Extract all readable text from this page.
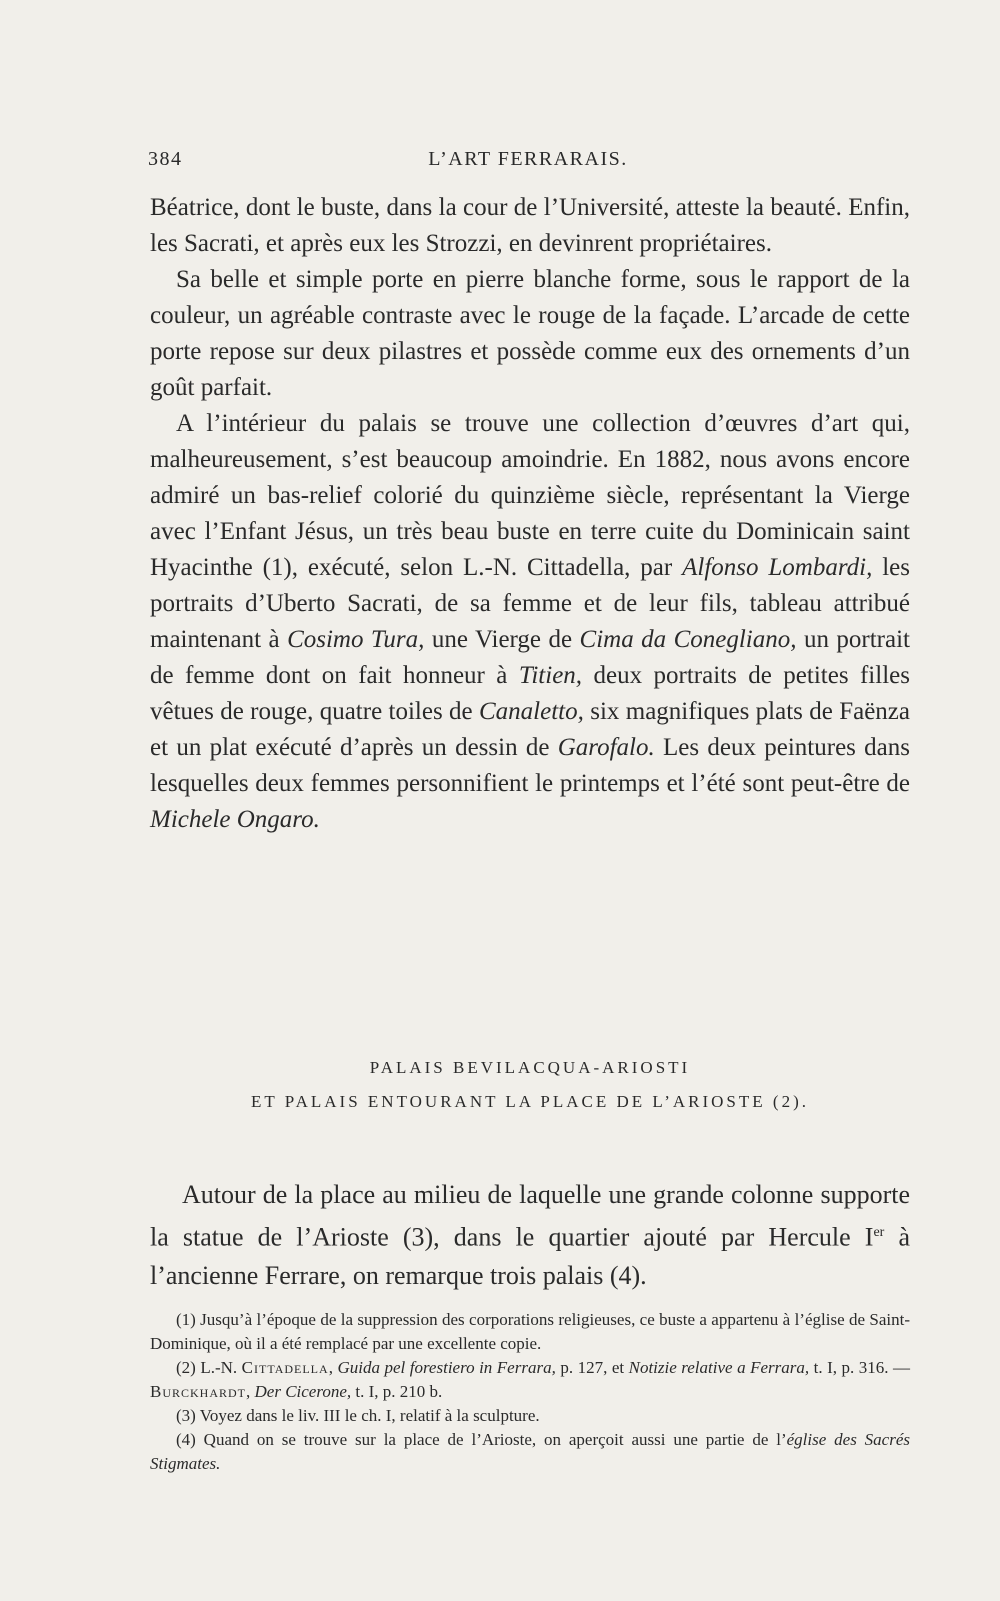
384	L’ART FERRARAIS.

Béatrice, dont le buste, dans la cour de l’Université, atteste la beauté. Enfin, les Sacrati, et après eux les Strozzi, en devinrent propriétaires.

Sa belle et simple porte en pierre blanche forme, sous le rapport de la couleur, un agréable contraste avec le rouge de la façade. L’arcade de cette porte repose sur deux pilastres et possède comme eux des ornements d’un goût parfait.

A l’intérieur du palais se trouve une collection d’œuvres d’art qui, malheureusement, s’est beaucoup amoindrie. En 1882, nous avons encore admiré un bas-relief colorié du quinzième siècle, représentant la Vierge avec l’Enfant Jésus, un très beau buste en terre cuite du Dominicain saint Hyacinthe (1), exécuté, selon L.-N. Cittadella, par Alfonso Lombardi, les portraits d’Uberto Sacrati, de sa femme et de leur fils, tableau attribué maintenant à Cosimo Tura, une Vierge de Cima da Conegliano, un portrait de femme dont on fait honneur à Titien, deux portraits de petites filles vêtues de rouge, quatre toiles de Canaletto, six magnifiques plats de Faënza et un plat exécuté d’après un dessin de Garofalo. Les deux peintures dans lesquelles deux femmes personnifient le printemps et l’été sont peut-être de Michele Ongaro.

PALAIS BEVILACQUA-ARIOSTI
ET PALAIS ENTOURANT LA PLACE DE L’ARIOSTE (2).

Autour de la place au milieu de laquelle une grande colonne supporte la statue de l’Arioste (3), dans le quartier ajouté par Hercule Ier à l’ancienne Ferrare, on remarque trois palais (4).

(1) Jusqu’à l’époque de la suppression des corporations religieuses, ce buste a appartenu à l’église de Saint-Dominique, où il a été remplacé par une excellente copie.

(2) L.-N. Cittadella, Guida pel forestiero in Ferrara, p. 127, et Notizie relative a Ferrara, t. I, p. 316. — Burckhardt, Der Cicerone, t. I, p. 210 b.

(3) Voyez dans le liv. III le ch. I, relatif à la sculpture.

(4) Quand on se trouve sur la place de l’Arioste, on aperçoit aussi une partie de l’église des Sacrés Stigmates.
